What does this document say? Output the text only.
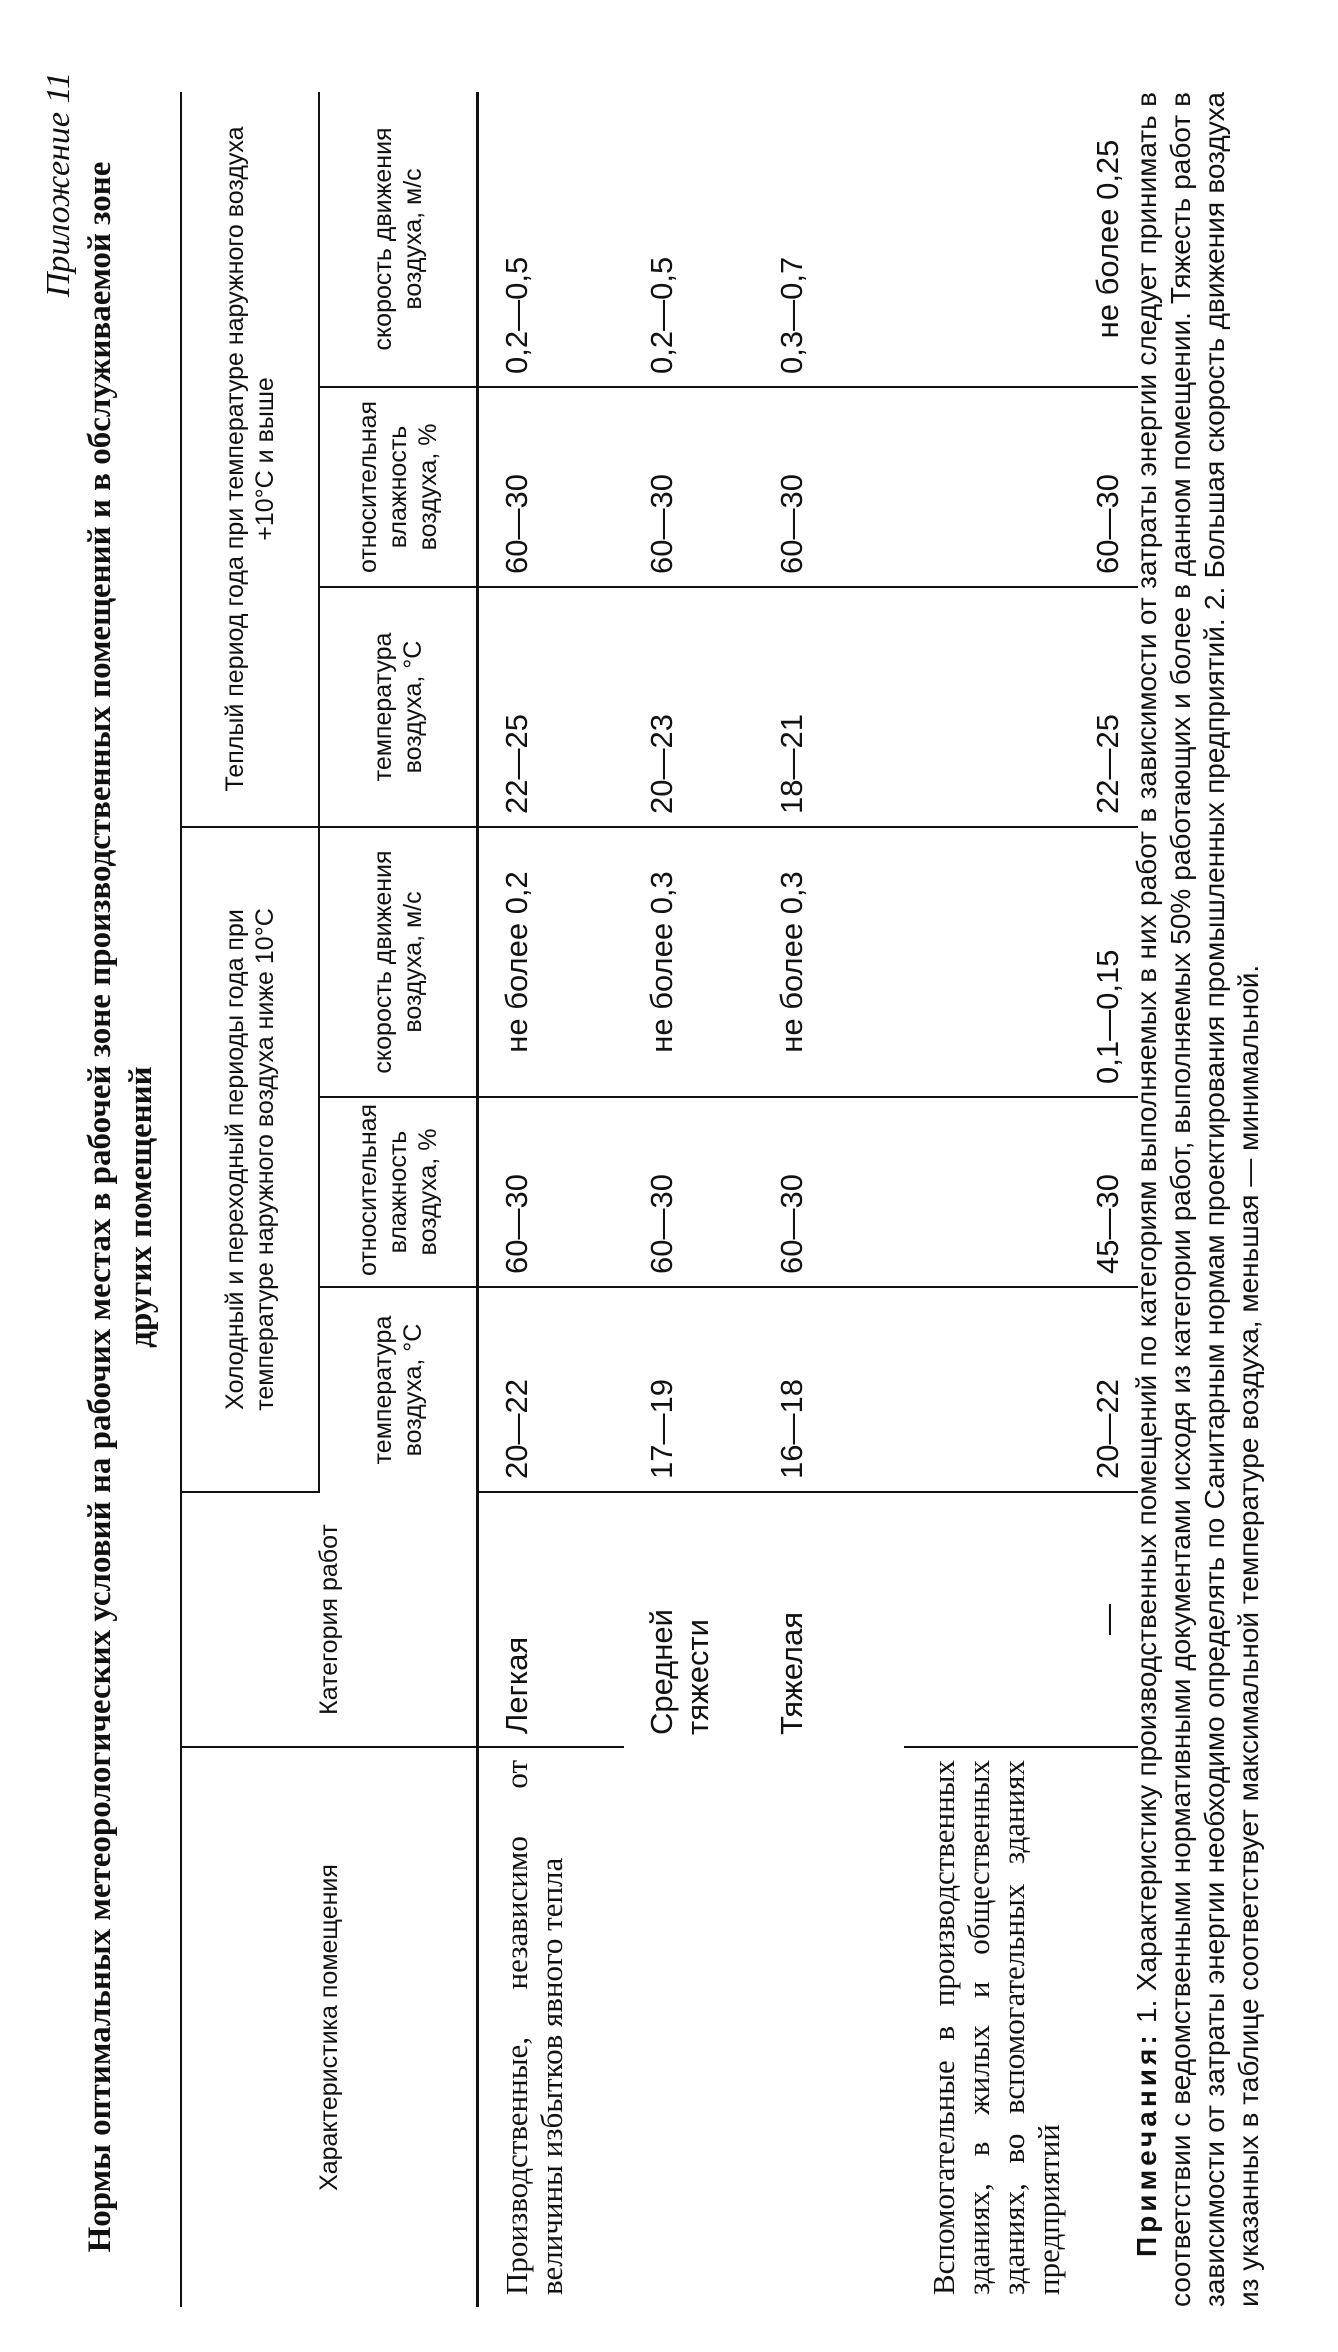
Приложение 11 Нормы оптимальных метеорологических условий на рабочих местах в рабочей зоне производственных помещений и в обслуживаемой зоне других помещений
Характеристика помещения	Категория работ	Холодный и переходный периоды года при температуре наружного воздуха ниже 10°С			Теплый период года при температуре наружного воздуха +10°С и выше		
		температура воздуха, °С	относительная влажность воздуха, %	скорость движения воздуха, м/с	температура воздуха, °С	относительная влажность воздуха, %	скорость движения воздуха, м/с
Производственные, независимо от величины избытков явного тепла	Легкая	20—22	60—30	не более 0,2	22—25	60—30	0,2—0,5
	Средней тяжести	17—19	60—30	не более 0,3	20—23	60—30	0,2—0,5
	Тяжелая	16—18	60—30	не более 0,3	18—21	60—30	0,3—0,7
Вспомогательные в производственных зданиях, в жилых и общественных зданиях, во вспомогательных зданиях предприятий	—	20—22	45—30	0,1—0,15	22—25	60—30	не более 0,25
Примечания: 1. Характеристику производственных помещений по категориям выполняемых в них работ в зависимости от затраты энергии следует принимать в соответствии с ведомственными нормативными документами исходя из категории работ, выполняемых 50% работающих и более в данном помещении. Тяжесть работ в зависимости от затраты энергии необходимо определять по Санитарным нормам проектирования промышленных предприятий. 2. Большая скорость движения воздуха из указанных в таблице соответствует максимальной температуре воздуха, меньшая — минимальной.
